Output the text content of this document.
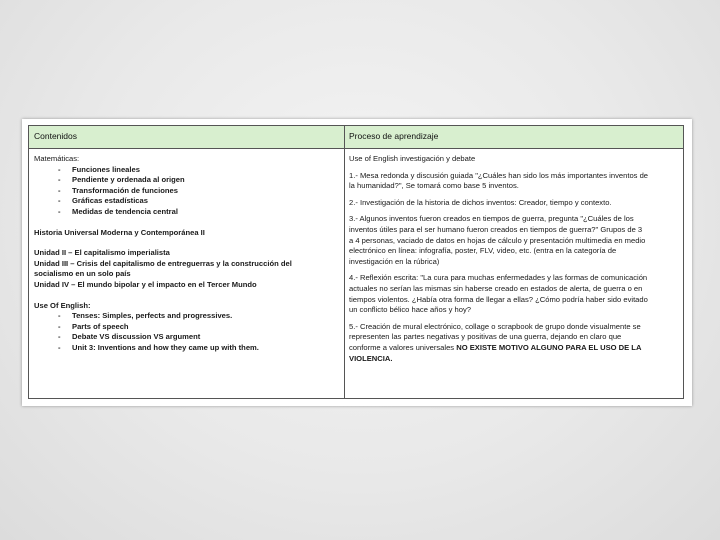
Contenidos	Proceso de aprendizaje
Matemáticas:
- Funciones lineales
- Pendiente y ordenada al origen
- Transformación de funciones
- Gráficas estadísticas
- Medidas de tendencia central
Historia Universal Moderna y Contemporánea II
Unidad II – El capitalismo imperialista
Unidad III – Crisis del capitalismo de entreguerras y la construcción del
socialismo en un solo país
Unidad IV – El mundo bipolar y el impacto en el Tercer Mundo
Use Of English:
- Tenses: Simples, perfects and progressives.
- Parts of speech
- Debate VS discussion VS argument
- Unit 3: Inventions and how they came up with them.
Use of English investigación y debate
1.- Mesa redonda y discusión guiada "¿Cuáles han sido los más importantes inventos de
la humanidad?", Se tomará como base 5 inventos.
2.- Investigación de la historia de dichos inventos: Creador, tiempo y contexto.
3.- Algunos inventos fueron creados en tiempos de guerra, pregunta "¿Cuáles de los
inventos útiles para el ser humano fueron creados en tiempos de guerra?" Grupos de 3
a 4 personas, vaciado de datos en hojas de cálculo y presentación multimedia en medio
electrónico en línea: infografía, poster, FLV, video, etc. (entra en la categoría de
investigación en la rúbrica)
4.- Reflexión escrita: "La cura para muchas enfermedades y las formas de comunicación
actuales no serían las mismas sin haberse creado en estados de alerta, de guerra o en
tiempos violentos. ¿Había otra forma de llegar a ellas? ¿Cómo podría haber sido evitado
un conflicto bélico hace años y hoy?
5.- Creación de mural electrónico, collage o scrapbook de grupo donde visualmente se
representen las partes negativas y positivas de una guerra, dejando en claro que
conforme a valores universales NO EXISTE MOTIVO ALGUNO PARA EL USO DE LA
VIOLENCIA.
